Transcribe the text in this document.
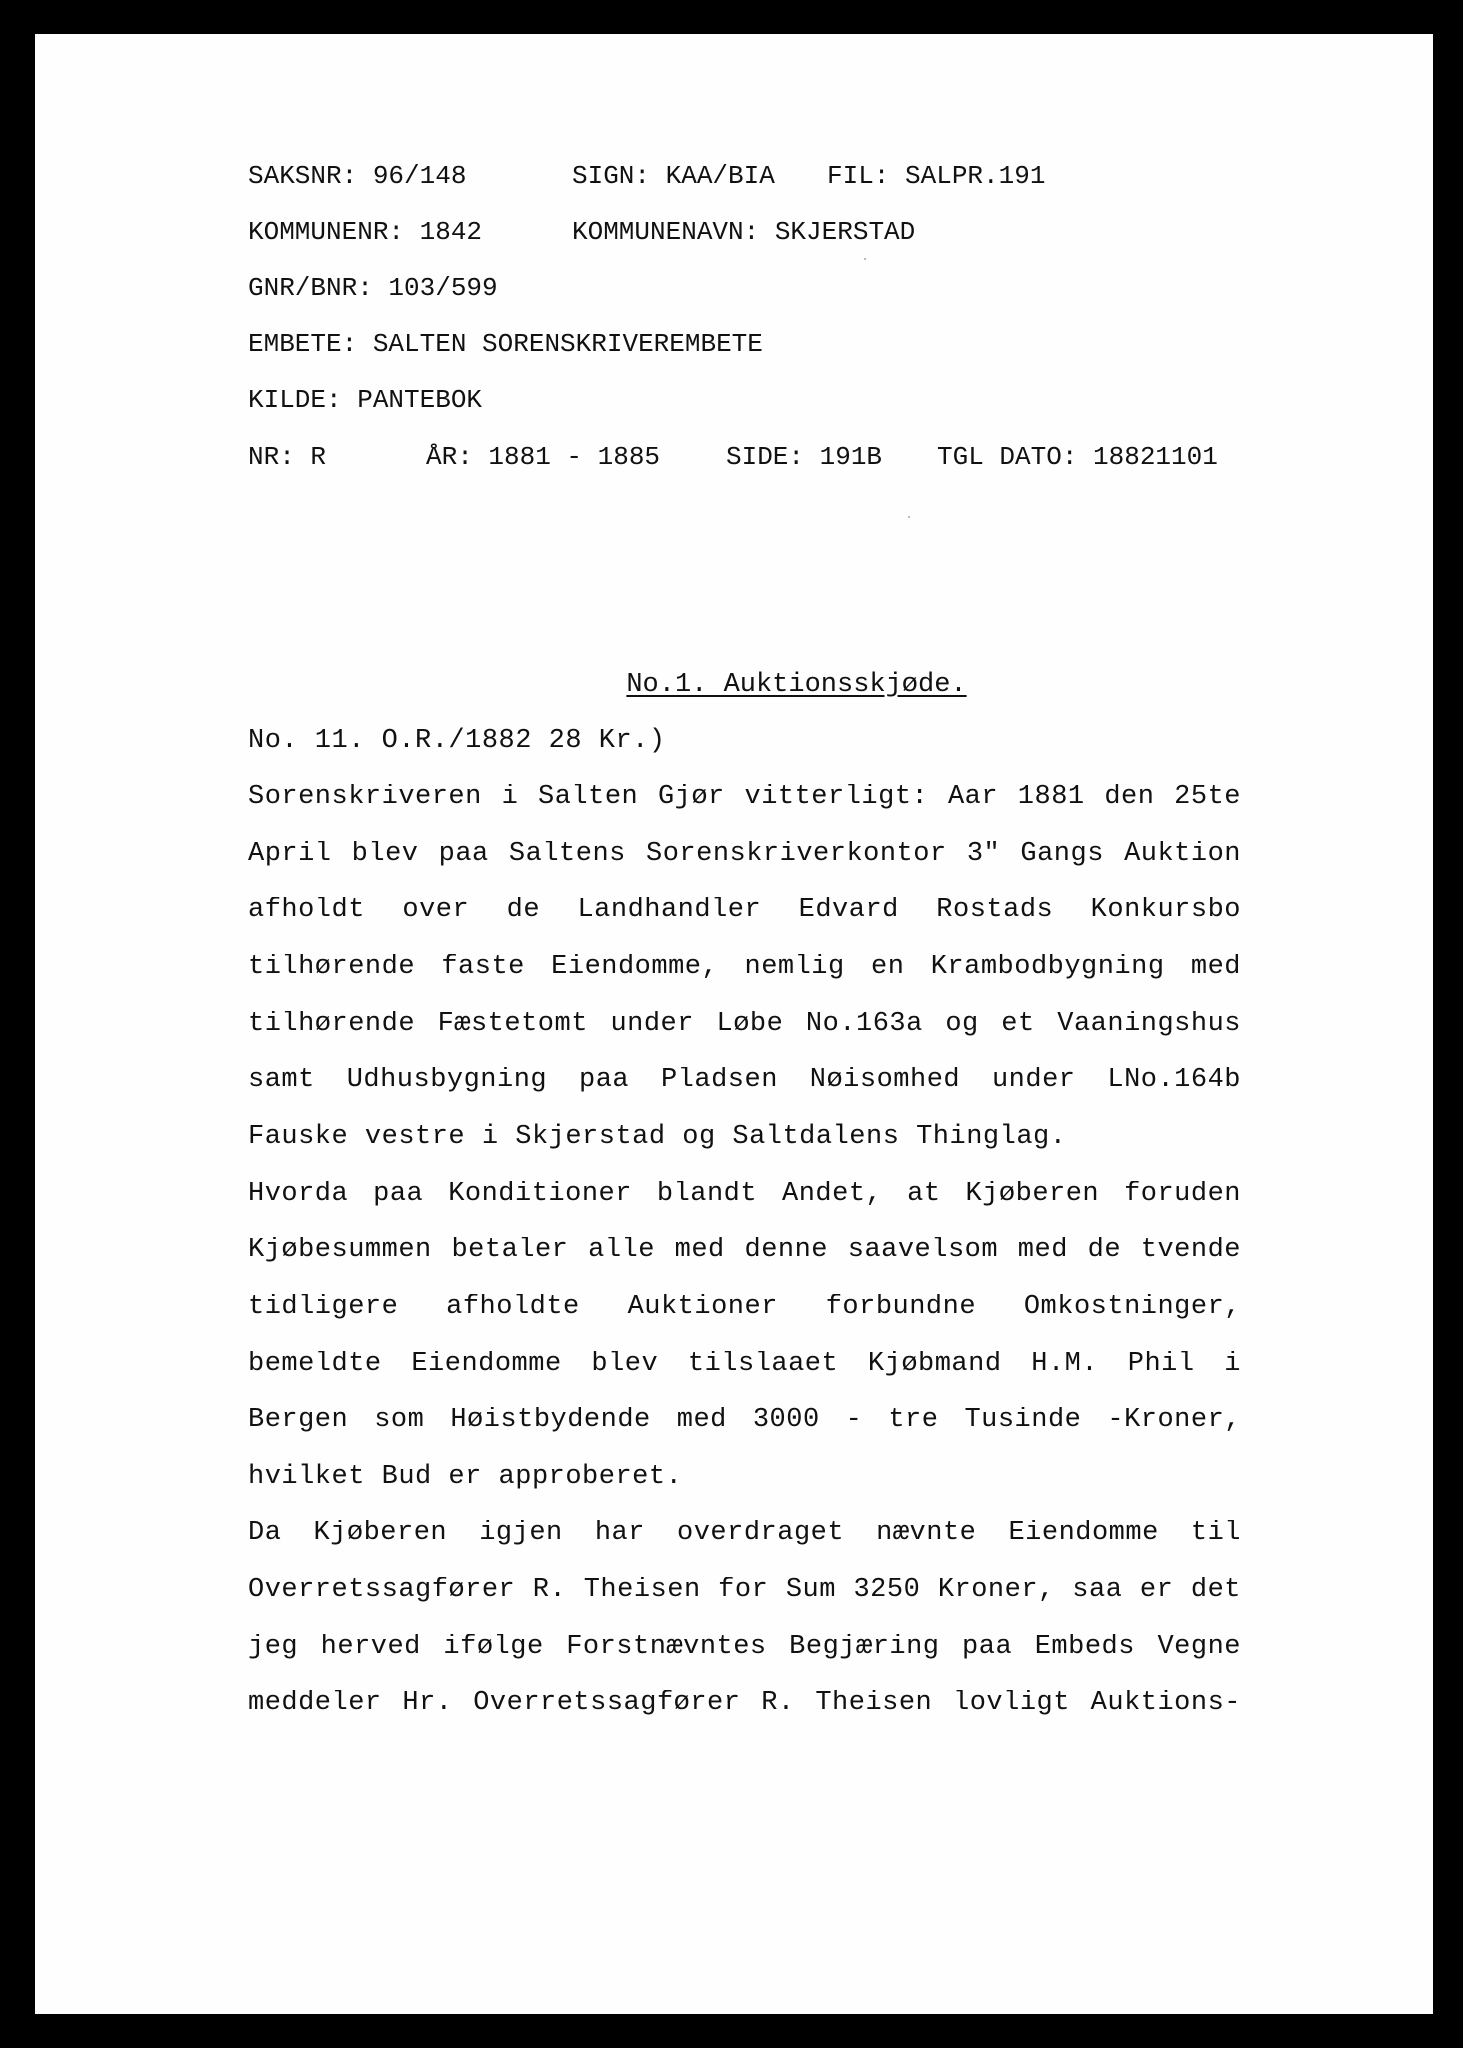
SAKSNR: 96/148

	SIGN: KAA/BIA

FIL: SALPR.191

KOMMUNENR: 1842

	KOMMUNENAVN: SKJERSTAD

GNR/BNR: 103/599

EMBETE: SALTEN SORENSKRIVEREMBETE

KILDE: PANTEBOK

NR: R

	ÅR: 1881 - 1885

	SIDE: 191B

TGL DATO: 18821101

No.1. Auktionsskjøde.
No. 11. O.R./1882 28 Kr.)
Sorenskriveren i Salten Gjør vitterligt: Aar 1881 den 25te
April blev paa Saltens Sorenskriverkontor 3" Gangs Auktion
afholdt over de Landhandler Edvard Rostads Konkursbo
tilhørende faste Eiendomme, nemlig en Krambodbygning med
tilhørende Fæstetomt under Løbe No.163a og et Vaaningshus
samt Udhusbygning paa Pladsen Nøisomhed under LNo.164b
Fauske vestre i Skjerstad og Saltdalens Thinglag.
Hvorda paa Konditioner blandt Andet, at Kjøberen foruden
Kjøbesummen betaler alle med denne saavelsom med de tvende
tidligere afholdte Auktioner forbundne Omkostninger,
bemeldte Eiendomme blev tilslaaet Kjøbmand H.M. Phil i
Bergen som Høistbydende med 3000 - tre Tusinde -Kroner,
hvilket Bud er approberet.
Da Kjøberen igjen har overdraget nævnte Eiendomme til
Overretssagfører R. Theisen for Sum 3250 Kroner, saa er det
jeg herved ifølge Forstnævntes Begjæring paa Embeds Vegne
meddeler Hr. Overretssagfører R. Theisen lovligt Auktions-
